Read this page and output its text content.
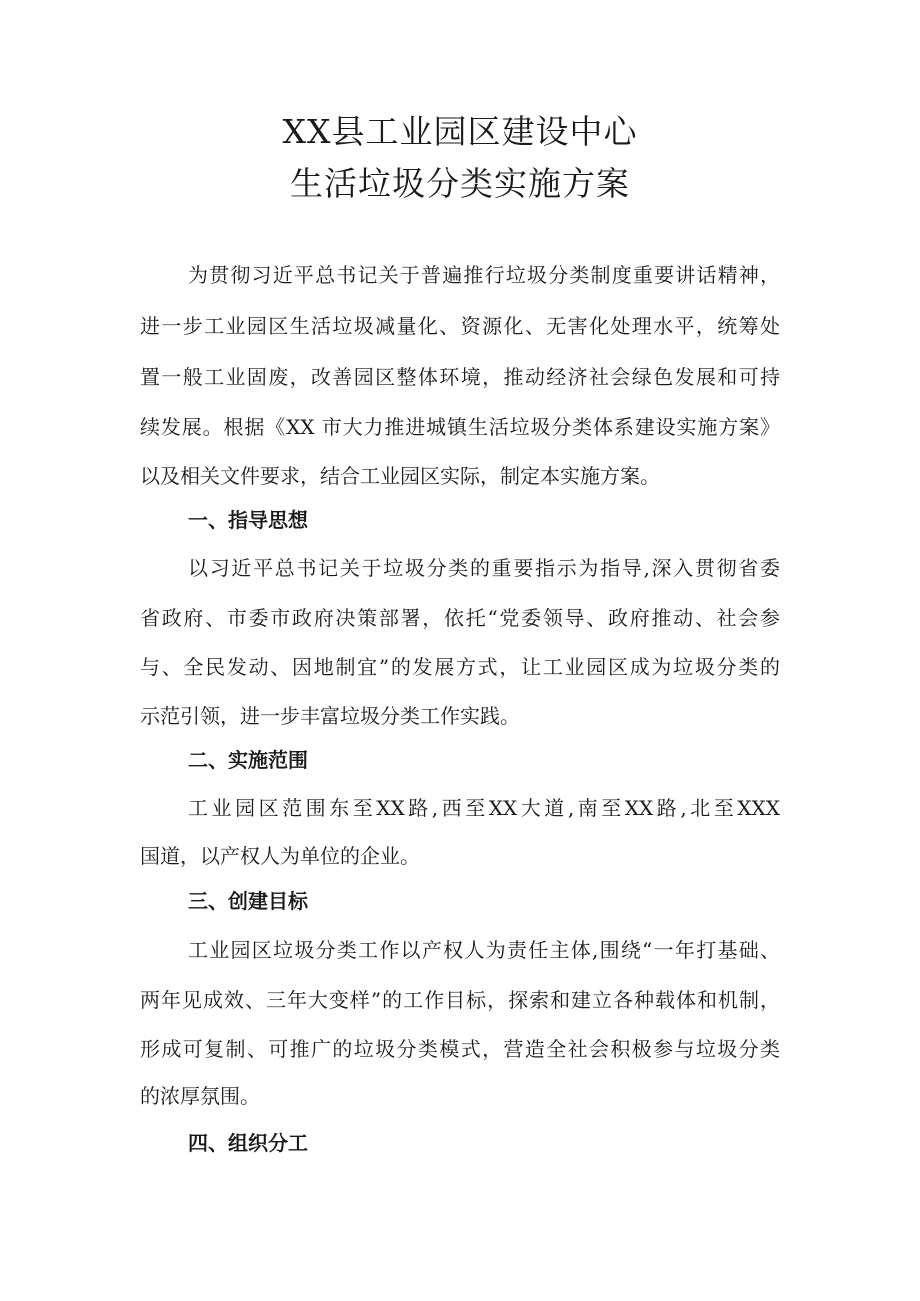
XX县工业园区建设中心
生活垃圾分类实施方案
为贯彻习近平总书记关于普遍推行垃圾分类制度重要讲话精神，
进一步工业园区生活垃圾减量化、资源化、无害化处理水平，统筹处
置一般工业固废，改善园区整体环境，推动经济社会绿色发展和可持
续发展。根据《XX 市大力推进城镇生活垃圾分类体系建设实施方案》
以及相关文件要求，结合工业园区实际，制定本实施方案。
一、指导思想
以习近平总书记关于垃圾分类的重要指示为指导,深入贯彻省委
省政府、市委市政府决策部署，依托“党委领导、政府推动、社会参
与、全民发动、因地制宜”的发展方式，让工业园区成为垃圾分类的
示范引领，进一步丰富垃圾分类工作实践。
二、实施范围
工业园区范围东至XX路,西至XX大道,南至XX路,北至XXX
国道，以产权人为单位的企业。
三、创建目标
工业园区垃圾分类工作以产权人为责任主体,围绕“一年打基础、
两年见成效、三年大变样”的工作目标，探索和建立各种载体和机制，
形成可复制、可推广的垃圾分类模式，营造全社会积极参与垃圾分类
的浓厚氛围。
四、组织分工
